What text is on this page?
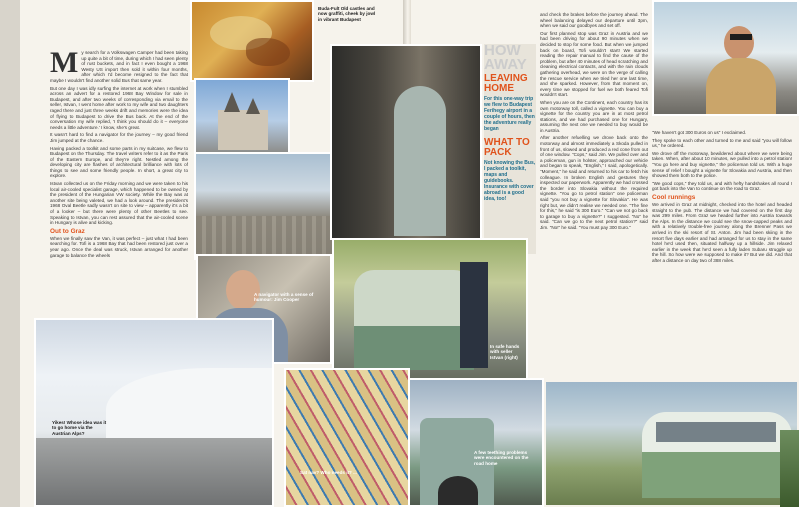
My search for a Volkswagen Camper had been taking up quite a bit of time, during which I had seen plenty of rust buckets, and in fact I even bought a 1968 Westy US import then sold it within four months, after which I'd become resigned to the fact that maybe I wouldn't find another solid Bus that same year.

But one day I was idly surfing the internet at work when I stumbled across an advert for a restored 1968 Bay Window for sale in Budapest, and after two weeks of corresponding via email to the seller, Istvan, I went home after work to my wife and two daughters raged there and just three weeks drift and memories were the idea of flying to Budapest to drive the Bus back. At the end of the conversation my wife replied, 'I think you should do it – everyone needs a little adventure.' I know, she's great.

It wasn't hard to find a navigator for the journey – my good friend Jim jumped at the chance.

Having packed a toolkit and some parts in my suitcase, we flew to Budapest on the Thursday. The travel writers refer to it as the Paris of the Eastern Europe, and they're right. Nestled among the developing city are flashes of architectural brilliance with lots of things to see and some friendly people. In short, a great city to explore.

Istvan collected us on the Friday morning and we were taken to his local air-cooled specialist garage, which happened to be owned by the president of the Hungarian VW society. While the Bay was at another site being valeted, we had a look around. The president's 1968 Oval Beetle sadly wasn't on site to view – apparently it's a bit of a looker – but there were plenty of other Beetles to see. Speaking to Istvan, you can rest assured that the air-cooled scene in Hungary is alive and kicking.

Out to Graz

When we finally saw the Van, it was perfect – just what I had been searching for. Tofi is a 1968 Bay that had been restored just over a year ago. Once the deal was struck, Istvan arranged for another garage to balance the wheels

Buda-Fult Old castles and now graffiti, cheek by jowl in vibrant Budapest
HOW AWAY
LEAVING HOME
For this one-way trip we flew to Budapest Ferihegy airport in a couple of hours, then the adventure really began
WHAT TO PACK
Not knowing the Bus, I packed a toolkit, maps and guidebooks. Insurance with cover abroad is a good idea, too!
A navigator with a sense of humour: Jim Cooper
In safe hands with seller Istvan (right)
Yikes! Whose idea was it to go home via the Austrian Alps?
Sat nav? Who needs it? ...
A few teething problems were encountered on the road home

and check the brakes before the journey ahead. The wheel balancing delayed our departure until 3pm, when we said our goodbyes and set off.

Our first planned stop was Graz in Austria and we had been driving for about 90 minutes when we decided to stop for some food. But when we jumped back on board, Tofi wouldn't start! We started reading the repair manual to find the cause of the problem, but after 40 minutes of head scratching and cleaning electrical contacts, and with the rain clouds gathering overhead, we were on the verge of calling the rescue service when we tried her one last time, and she sparked. However, from that moment on, every time we stopped for fuel we both feared Tofi wouldn't start.

When you are on the Continent, each country has its own motorway toll, called a vignette. You can buy a vignette for the country you are in at most petrol stations, and we had purchased one for Hungary, assuming the next one we needed to buy would be in Austria.

After another refuelling we drove back onto the motorway and almost immediately a Skoda pulled in front of us, slowed and produced a red cone from out of one window. "Cops," said Jim. We pulled over and a policeman, gun in holster, approached our vehicle and began to speak, "English," I said, apologetically. "Moment," he said and returned to his car to fetch his colleague. In broken English and gestures they inspected our paperwork. Apparently we had crossed the border into Slovakia without the required vignette. "You go to petrol station" one policeman said "you not buy a vignette for Slovakia". He was right but, we didn't realise we needed one. "The fine for this," he said "is 300 Euro." "Can we not go back to garage to buy a vignette?" I suggested. "No" he said. "Can we go to the next petrol station?" said Jim. "No!" he said. "You must pay 300 Euro."

"We haven't got 300 Euros on us" I exclaimed.

They spoke to each other and turned to me and said "you will follow us," he ordered.

We drove off the motorway, bewildered about where we were being taken. When, after about 10 minutes, we pulled into a petrol station! "You go here and buy vignette," the policeman told us. With a huge sense of relief I bought a vignette for Slovakia and Austria, and then showed them both to the police.

"We good cops," they told us, and with hefty handshakes all round I got back into the Van to continue on the road to Graz.

Cool runnings

We arrived in Graz at midnight, checked into the hotel and headed straight to the pub. The distance we had covered on the first day was 299 miles. From Graz we headed further into Austria towards the Alps. In the distance we could see the snow-capped peaks and with a relatively trouble-free journey along the Brenner Pass we arrived in the ski resort of St. Anton. Jim had been skiing in the resort five days earlier and had arranged for us to stay in the same hotel he'd used then, situated halfway up a hillside. Jim relaxed earlier in the week that he'd seen a fully laden Subaru struggle up the hill. So how were we supposed to make it? But we did. And that after a distance on day two of 388 miles.
